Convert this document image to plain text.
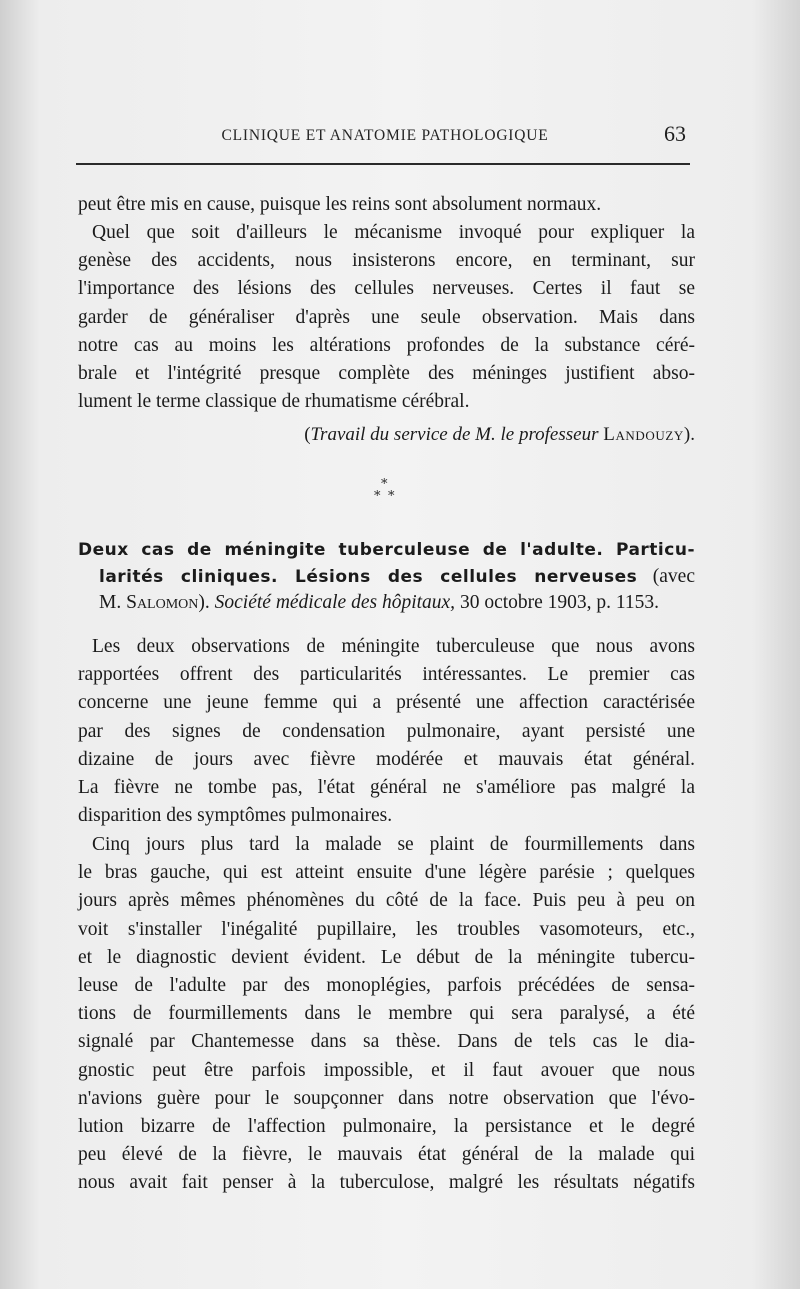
CLINIQUE ET ANATOMIE PATHOLOGIQUE	63
peut être mis en cause, puisque les reins sont absolument normaux.
Quel que soit d'ailleurs le mécanisme invoqué pour expliquer la
genèse des accidents, nous insisterons encore, en terminant, sur
l'importance des lésions des cellules nerveuses. Certes il faut se
garder de généraliser d'après une seule observation. Mais dans
notre cas au moins les altérations profondes de la substance céré-
brale et l'intégrité presque complète des méninges justifient abso-
lument le terme classique de rhumatisme cérébral.
(Travail du service de M. le professeur Landouzy).
*
* *
Deux cas de méningite tuberculeuse de l'adulte. Particu-
larités cliniques. Lésions des cellules nerveuses (avec
M. Salomon). Société médicale des hôpitaux, 30 octobre 1903, p. 1153.
Les deux observations de méningite tuberculeuse que nous avons
rapportées offrent des particularités intéressantes. Le premier cas
concerne une jeune femme qui a présenté une affection caractérisée
par des signes de condensation pulmonaire, ayant persisté une
dizaine de jours avec fièvre modérée et mauvais état général.
La fièvre ne tombe pas, l'état général ne s'améliore pas malgré la
disparition des symptômes pulmonaires.
Cinq jours plus tard la malade se plaint de fourmillements dans
le bras gauche, qui est atteint ensuite d'une légère parésie ; quelques
jours après mêmes phénomènes du côté de la face. Puis peu à peu on
voit s'installer l'inégalité pupillaire, les troubles vasomoteurs, etc.,
et le diagnostic devient évident. Le début de la méningite tubercu-
leuse de l'adulte par des monoplégies, parfois précédées de sensa-
tions de fourmillements dans le membre qui sera paralysé, a été
signalé par Chantemesse dans sa thèse. Dans de tels cas le dia-
gnostic peut être parfois impossible, et il faut avouer que nous
n'avions guère pour le soupçonner dans notre observation que l'évo-
lution bizarre de l'affection pulmonaire, la persistance et le degré
peu élevé de la fièvre, le mauvais état général de la malade qui
nous avait fait penser à la tuberculose, malgré les résultats négatifs
